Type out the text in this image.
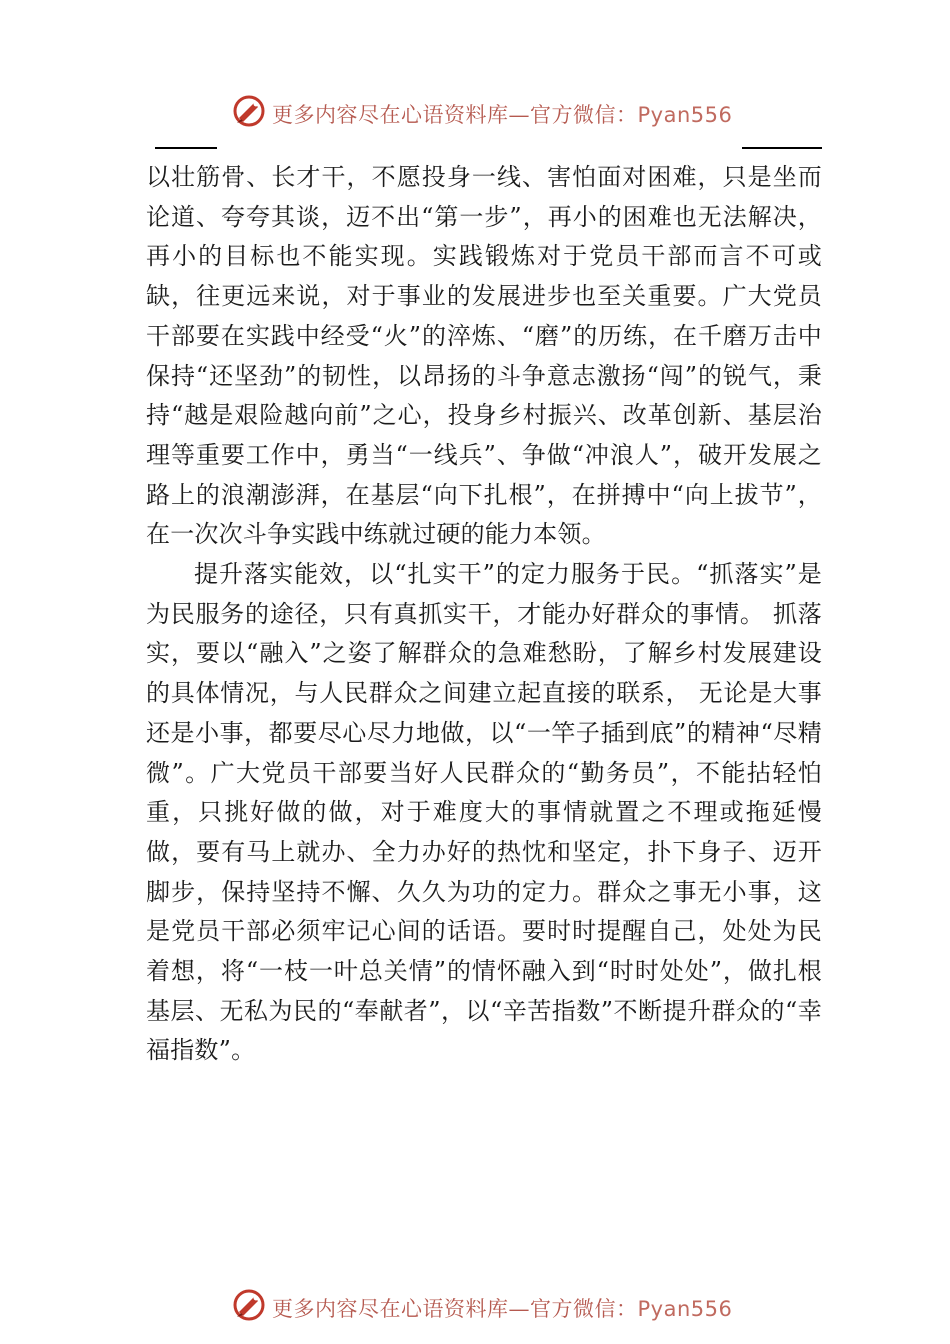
更多内容尽在心语资料库—官方微信：Pyan556

以壮筋骨、长才干，不愿投身一线、害怕面对困难，只是坐而论道、夸夸其谈，迈不出“第一步”，再小的困难也无法解决，再小的目标也不能实现。实践锻炼对于党员干部而言不可或缺，往更远来说，对于事业的发展进步也至关重要。广大党员干部要在实践中经受“火”的淬炼、“磨”的历练，在千磨万击中保持“还坚劲”的韧性，以昂扬的斗争意志激扬“闯”的锐气，秉持“越是艰险越向前”之心，投身乡村振兴、改革创新、基层治理等重要工作中，勇当“一线兵”、争做“冲浪人”，破开发展之路上的浪潮澎湃，在基层“向下扎根”，在拼搏中“向上拔节”，在一次次斗争实践中练就过硬的能力本领。

提升落实能效，以“扎实干”的定力服务于民。“抓落实”是为民服务的途径，只有真抓实干，才能办好群众的事情。 抓落实，要以“融入”之姿了解群众的急难愁盼，了解乡村发展建设的具体情况，与人民群众之间建立起直接的联系， 无论是大事还是小事，都要尽心尽力地做，以“一竿子插到底”的精神“尽精微”。广大党员干部要当好人民群众的“勤务员”，不能拈轻怕重，只挑好做的做，对于难度大的事情就置之不理或拖延慢做，要有马上就办、全力办好的热忱和坚定，扑下身子、迈开脚步，保持坚持不懈、久久为功的定力。群众之事无小事，这是党员干部必须牢记心间的话语。要时时提醒自己，处处为民着想，将“一枝一叶总关情”的情怀融入到“时时处处”，做扎根基层、无私为民的“奉献者”，以“辛苦指数”不断提升群众的“幸福指数”。

更多内容尽在心语资料库—官方微信：Pyan556
